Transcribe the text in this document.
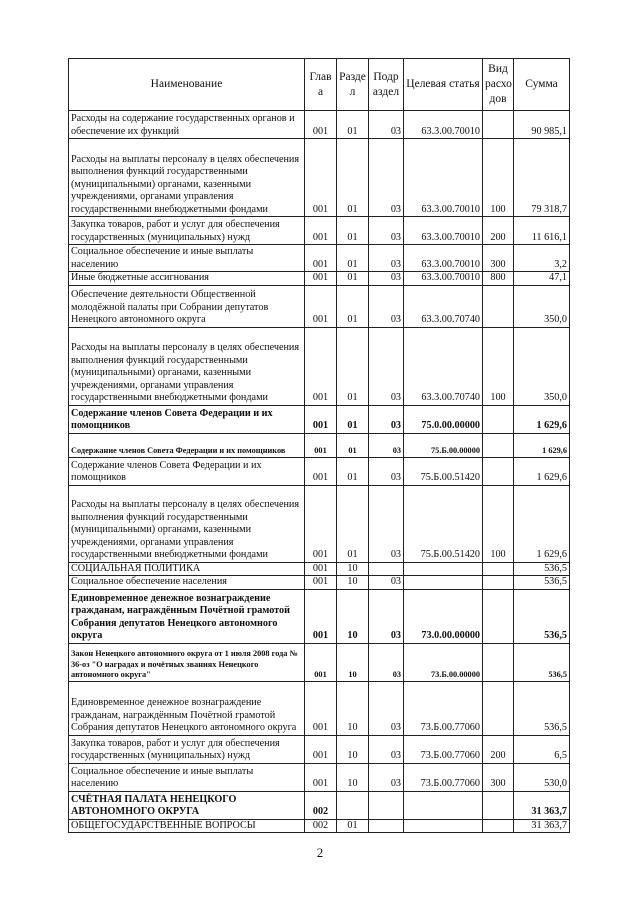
Наименование	Глав а	Разде л	Подр аздел	Целевая статья	Вид расхо дов	Сумма
Расходы на содержание государственных органов и обеспечение их функций	001	01	03	63.3.00.70010		90 985,1
Расходы на выплаты персоналу в целях обеспечения выполнения функций государственными (муниципальными) органами, казенными учреждениями, органами управления государственными внебюджетными фондами	001	01	03	63.3.00.70010	100	79 318,7
Закупка товаров, работ и услуг для обеспечения государственных (муниципальных) нужд	001	01	03	63.3.00.70010	200	11 616,1
Социальное обеспечение и иные выплаты населению	001	01	03	63.3.00.70010	300	3,2
Иные бюджетные ассигнования	001	01	03	63.3.00.70010	800	47,1
Обеспечение деятельности Общественной молодёжной палаты при Собрании депутатов Ненецкого автономного округа	001	01	03	63.3.00.70740		350,0
Расходы на выплаты персоналу в целях обеспечения выполнения функций государственными (муниципальными) органами, казенными учреждениями, органами управления государственными внебюджетными фондами	001	01	03	63.3.00.70740	100	350,0
Содержание членов Совета Федерации и их помощников	001	01	03	75.0.00.00000		1 629,6
Содержание членов Совета Федерации и их помощников	001	01	03	75.Б.00.00000		1 629,6
Содержание членов Совета Федерации и их помощников	001	01	03	75.Б.00.51420		1 629,6
Расходы на выплаты персоналу в целях обеспечения выполнения функций государственными (муниципальными) органами, казенными учреждениями, органами управления государственными внебюджетными фондами	001	01	03	75.Б.00.51420	100	1 629,6
СОЦИАЛЬНАЯ ПОЛИТИКА	001	10				536,5
Социальное обеспечение населения	001	10	03			536,5
Единовременное денежное вознаграждение гражданам, награждённым Почётной грамотой Собрания депутатов Ненецкого автономного округа	001	10	03	73.0.00.00000		536,5
Закон Ненецкого автономного округа от 1 июля 2008 года № 36-оз "О наградах и почётных званиях Ненецкого автономного округа"	001	10	03	73.Б.00.00000		536,5
Единовременное денежное вознаграждение гражданам, награждённым Почётной грамотой Собрания депутатов Ненецкого автономного округа	001	10	03	73.Б.00.77060		536,5
Закупка товаров, работ и услуг для обеспечения государственных (муниципальных) нужд	001	10	03	73.Б.00.77060	200	6,5
Социальное обеспечение и иные выплаты населению	001	10	03	73.Б.00.77060	300	530,0
СЧЁТНАЯ ПАЛАТА НЕНЕЦКОГО АВТОНОМНОГО ОКРУГА	002					31 363,7
ОБЩЕГОСУДАРСТВЕННЫЕ ВОПРОСЫ	002	01				31 363,7
2
